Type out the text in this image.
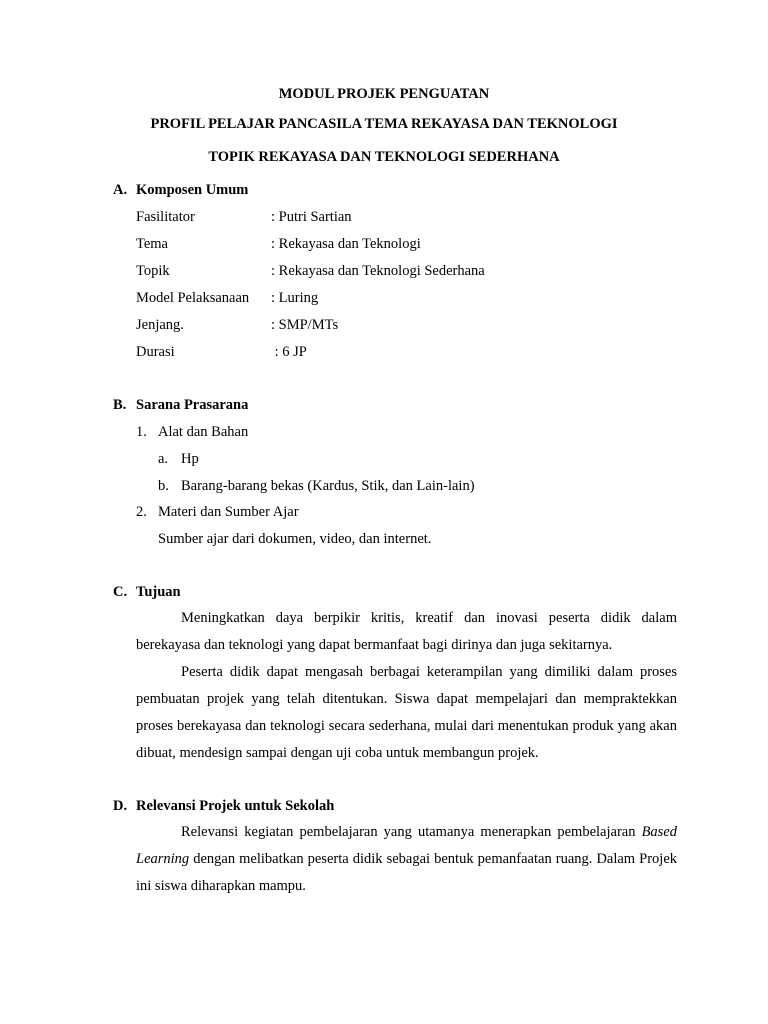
MODUL PROJEK PENGUATAN
PROFIL PELAJAR PANCASILA TEMA REKAYASA DAN TEKNOLOGI
TOPIK REKAYASA DAN TEKNOLOGI SEDERHANA
A. Komposen Umum
Fasilitator	: Putri Sartian
Tema	: Rekayasa dan Teknologi
Topik	: Rekayasa dan Teknologi Sederhana
Model Pelaksanaan : Luring
Jenjang.	: SMP/MTs
Durasi	: 6 JP
B. Sarana Prasarana
1. Alat dan Bahan
a. Hp
b. Barang-barang bekas (Kardus, Stik, dan Lain-lain)
2. Materi dan Sumber Ajar
Sumber ajar dari dokumen, video, dan internet.
C. Tujuan

Meningkatkan daya berpikir kritis, kreatif dan inovasi peserta didik dalam berekayasa dan teknologi yang dapat bermanfaat bagi dirinya dan juga sekitarnya.

Peserta didik dapat mengasah berbagai keterampilan yang dimiliki dalam proses pembuatan projek yang telah ditentukan. Siswa dapat mempelajari dan mempraktekkan proses berekayasa dan teknologi secara sederhana, mulai dari menentukan produk yang akan dibuat, mendesign sampai dengan uji coba untuk membangun projek.

D. Relevansi Projek untuk Sekolah

Relevansi kegiatan pembelajaran yang utamanya menerapkan pembelajaran Based Learning dengan melibatkan peserta didik sebagai bentuk pemanfaatan ruang. Dalam Projek ini siswa diharapkan mampu.
